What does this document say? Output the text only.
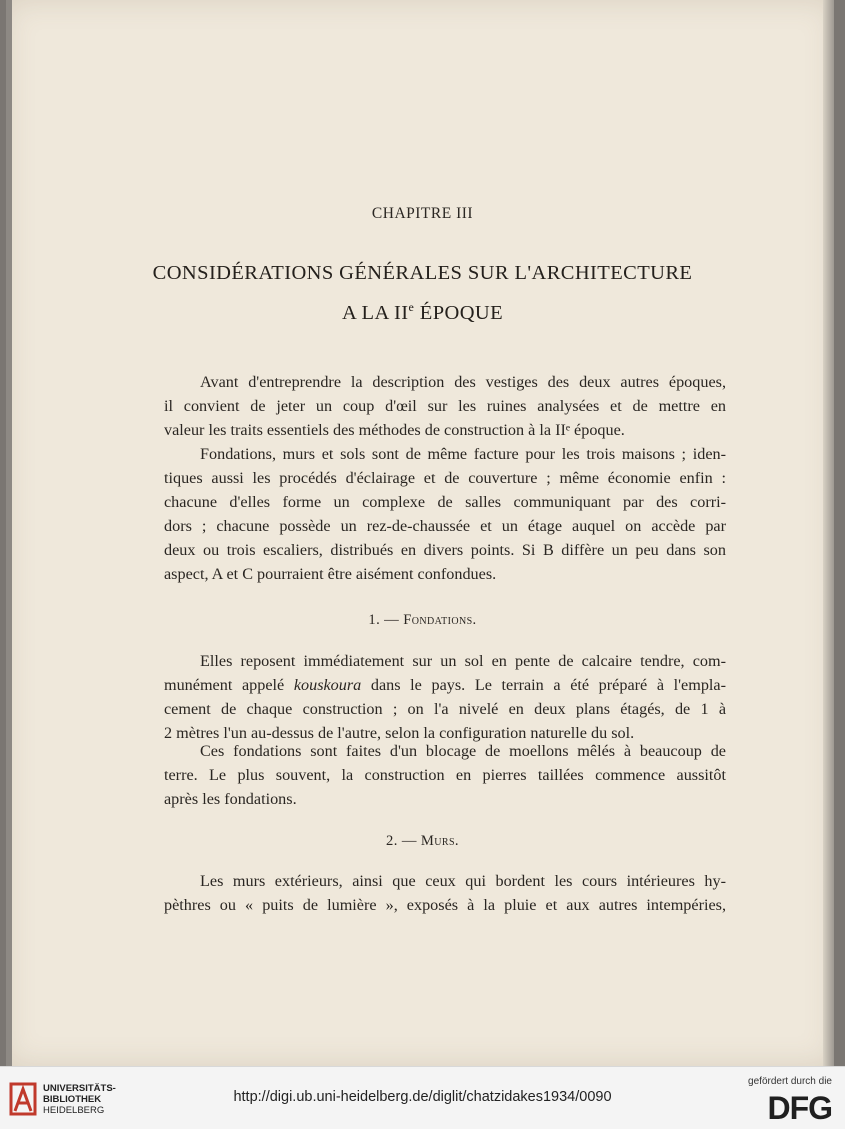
CHAPITRE III
CONSIDÉRATIONS GÉNÉRALES SUR L'ARCHITECTURE
A LA IIe ÉPOQUE
Avant d'entreprendre la description des vestiges des deux autres époques,
il convient de jeter un coup d'œil sur les ruines analysées et de mettre en
valeur les traits essentiels des méthodes de construction à la IIᵉ époque.
Fondations, murs et sols sont de même facture pour les trois maisons ; iden-
tiques aussi les procédés d'éclairage et de couverture ; même économie enfin :
chacune d'elles forme un complexe de salles communiquant par des corri-
dors ; chacune possède un rez-de-chaussée et un étage auquel on accède par
deux ou trois escaliers, distribués en divers points. Si B diffère un peu dans son
aspect, A et C pourraient être aisément confondues.
1. — Fondations.
Elles reposent immédiatement sur un sol en pente de calcaire tendre, com-
munément appelé kouskoura dans le pays. Le terrain a été préparé à l'empla-
cement de chaque construction ; on l'a nivelé en deux plans étagés, de 1 à
2 mètres l'un au-dessus de l'autre, selon la configuration naturelle du sol.
Ces fondations sont faites d'un blocage de moellons mêlés à beaucoup de
terre. Le plus souvent, la construction en pierres taillées commence aussitôt
après les fondations.
2. — Murs.
Les murs extérieurs, ainsi que ceux qui bordent les cours intérieures hy-
pèthres ou « puits de lumière », exposés à la pluie et aux autres intempéries,
UNIVERSITÄTS-
BIBLIOTHEK
HEIDELBERG
http://digi.ub.uni-heidelberg.de/diglit/chatzidakes1934/0090
gefördert durch die
DFG
